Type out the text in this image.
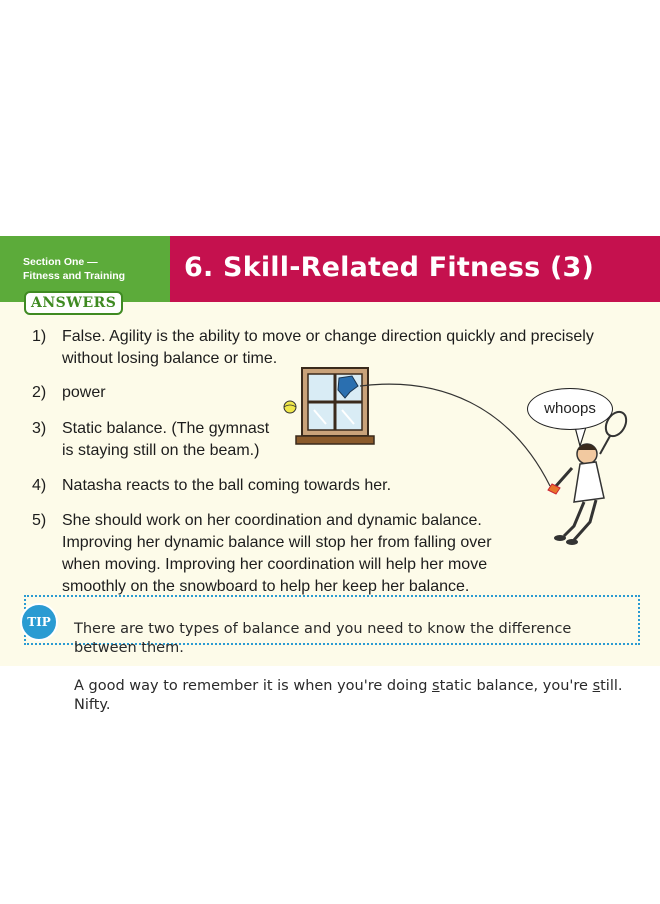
Section One —
Fitness and Training 6. Skill-Related Fitness (3)
ANSWERS
1) False. Agility is the ability to move or change direction quickly and precisely
without losing balance or time.
2) power
3) Static balance. (The gymnast
is staying still on the beam.)
4) Natasha reacts to the ball coming towards her.
5) She should work on her coordination and dynamic balance.
Improving her dynamic balance will stop her from falling over
when moving. Improving her coordination will help her move
smoothly on the snowboard to help her keep her balance.
whoops
TIP	There are two types of balance and you need to know the difference between them.

A good way to remember it is when you're doing static balance, you're still. Nifty.
